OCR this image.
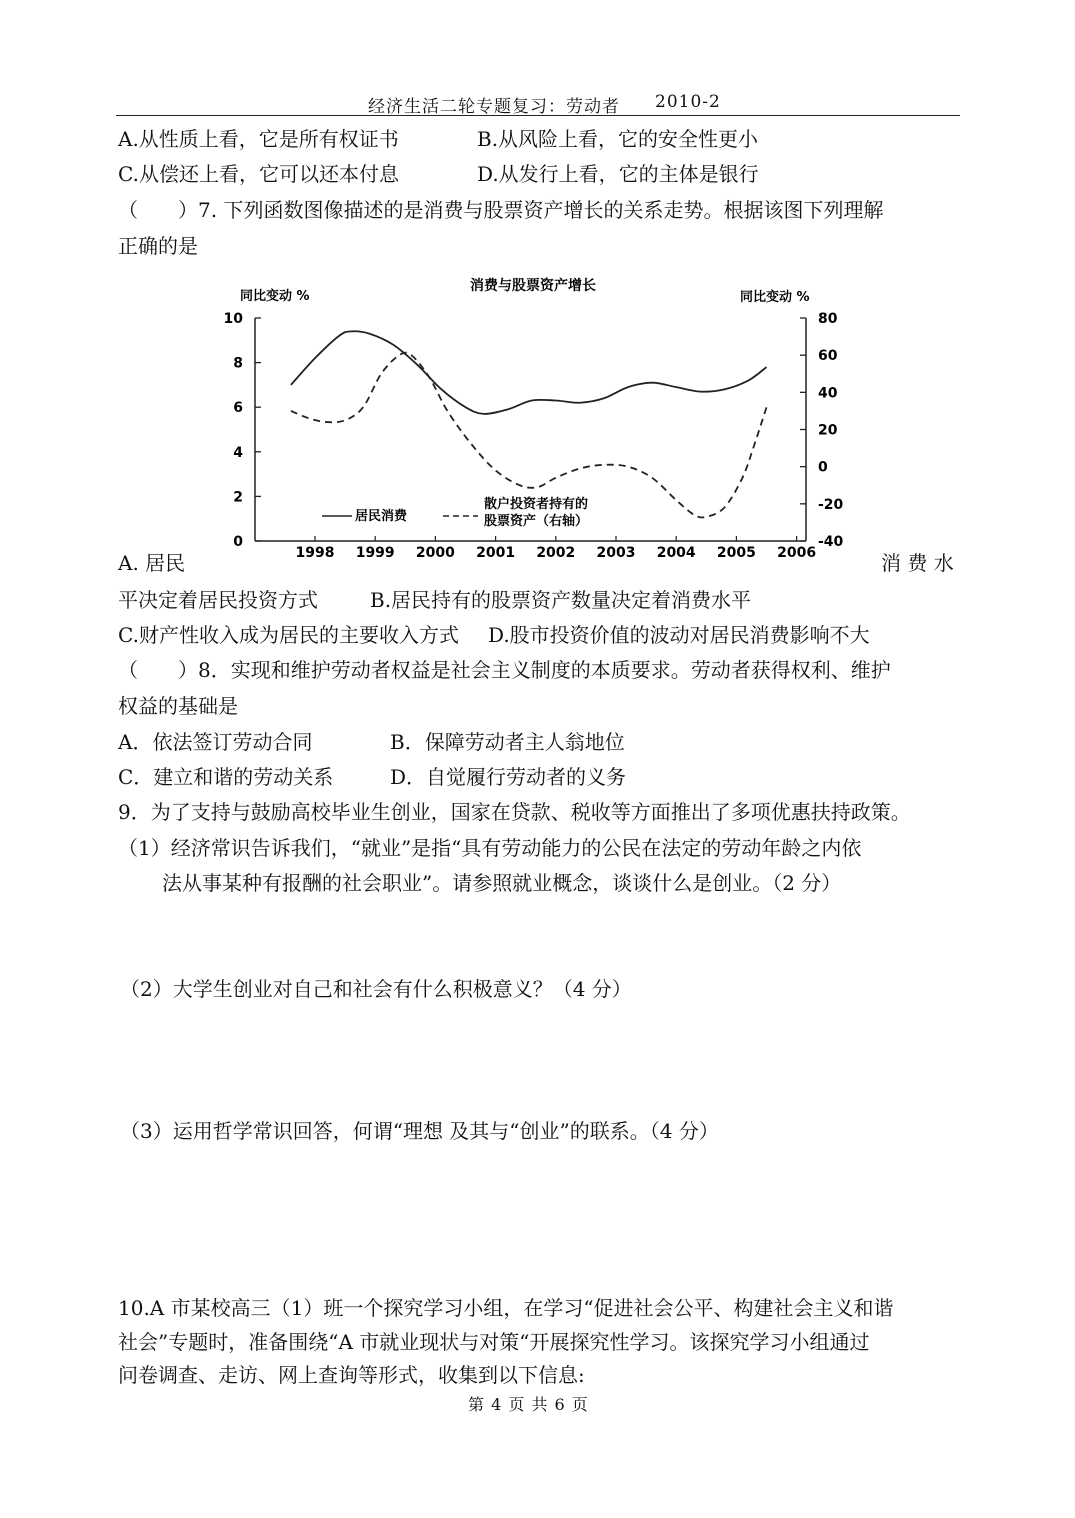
经济生活二轮专题复习：劳动者 2010-2
A.从性质上看，它是所有权证书	B.从风险上看，它的安全性更小
C.从偿还上看，它可以还本付息	D.从发行上看，它的主体是银行
（　　）7. 下列函数图像描述的是消费与股票资产增长的关系走势。根据该图下列理解
正确的是
消费与股票资产增长
同比变动 %	同比变动 %
0
2
4
6
8
10
-40
-20
0
20
40
60
80
1998 1999 2000 2001 2002 2003 2004 2005 2006
居民消费
散户投资者持有的
股票资产（右轴）
A. 居民	消 费 水
平决定着居民投资方式	B.居民持有的股票资产数量决定着消费水平
C.财产性收入成为居民的主要收入方式 D.股市投资价值的波动对居民消费影响不大
（　　）8．实现和维护劳动者权益是社会主义制度的本质要求。劳动者获得权利、维护
权益的基础是
A．依法签订劳动合同	B．保障劳动者主人翁地位
C．建立和谐的劳动关系	D．自觉履行劳动者的义务
9．为了支持与鼓励高校毕业生创业，国家在贷款、税收等方面推出了多项优惠扶持政策。
（1）经济常识告诉我们，“就业”是指“具有劳动能力的公民在法定的劳动年龄之内依
法从事某种有报酬的社会职业”。请参照就业概念，谈谈什么是创业。（2 分）
（2）大学生创业对自己和社会有什么积极意义？（4 分）
（3）运用哲学常识回答，何谓“理想 及其与“创业”的联系。（4 分）
10.A 市某校高三（1）班一个探究学习小组，在学习“促进社会公平、构建社会主义和谐
社会”专题时，准备围绕“A 市就业现状与对策“开展探究性学习。该探究学习小组通过
问卷调查、走访、网上查询等形式，收集到以下信息:
第 4 页 共 6 页
